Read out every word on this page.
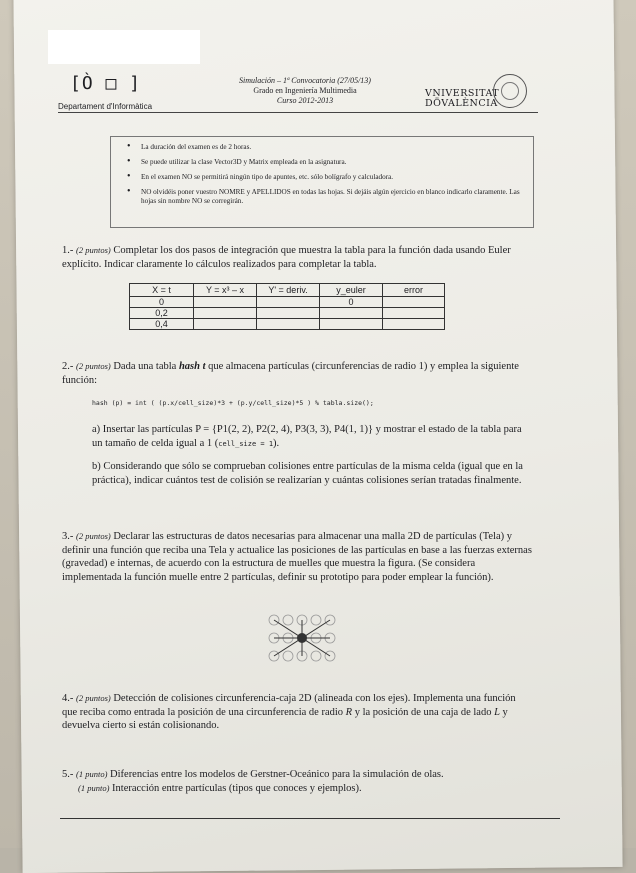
[Ò □ ]
Departament d'Informàtica
Simulación – 1ª Convocatoria (27/05/13)
Grado en Ingeniería Multimedia
Curso 2012-2013
VNIVERSITAT
DÖVALÈNCIA
• La duración del examen es de 2 horas.
• Se puede utilizar la clase Vector3D y Matrix empleada en la asignatura.
• En el examen NO se permitirá ningún tipo de apuntes, etc. sólo bolígrafo y calculadora.
• NO olvidéis poner vuestro NOMRE y APELLIDOS en todas las hojas. Si dejáis algún ejercicio en blanco indicarlo claramente. Las hojas sin nombre NO se corregirán.
1.- (2 puntos) Completar los dos pasos de integración que muestra la tabla para la función dada usando Euler explícito. Indicar claramente lo cálculos realizados para completar la tabla.
X = t	Y = x³ – x	Y' = deriv.	y_euler	error
0			0	
0,2				
0,4				
2.- (2 puntos) Dada una tabla hash t que almacena partículas (circunferencias de radio 1) y emplea la siguiente función:
hash (p) = int ( (p.x/cell_size)*3 + (p.y/cell_size)*5 ) % tabla.size();
a) Insertar las partículas P = {P1(2, 2), P2(2, 4), P3(3, 3), P4(1, 1)} y mostrar el estado de la tabla para un tamaño de celda igual a 1 (cell_size = 1).
b) Considerando que sólo se comprueban colisiones entre partículas de la misma celda (igual que en la práctica), indicar cuántos test de colisión se realizarían y cuántas colisiones serían tratadas finalmente.
3.- (2 puntos) Declarar las estructuras de datos necesarias para almacenar una malla 2D de partículas (Tela) y definir una función que reciba una Tela y actualice las posiciones de las partículas en base a las fuerzas externas (gravedad) e internas, de acuerdo con la estructura de muelles que muestra la figura. (Se considera implementada la función muelle entre 2 partículas, definir su prototipo para poder emplear la función).
4.- (2 puntos) Detección de colisiones circunferencia-caja 2D (alineada con los ejes). Implementa una función que reciba como entrada la posición de una circunferencia de radio R y la posición de una caja de lado L y devuelva cierto si están colisionando.
5.- (1 punto) Diferencias entre los modelos de Gerstner-Oceánico para la simulación de olas.
(1 punto) Interacción entre partículas (tipos que conoces y ejemplos).
